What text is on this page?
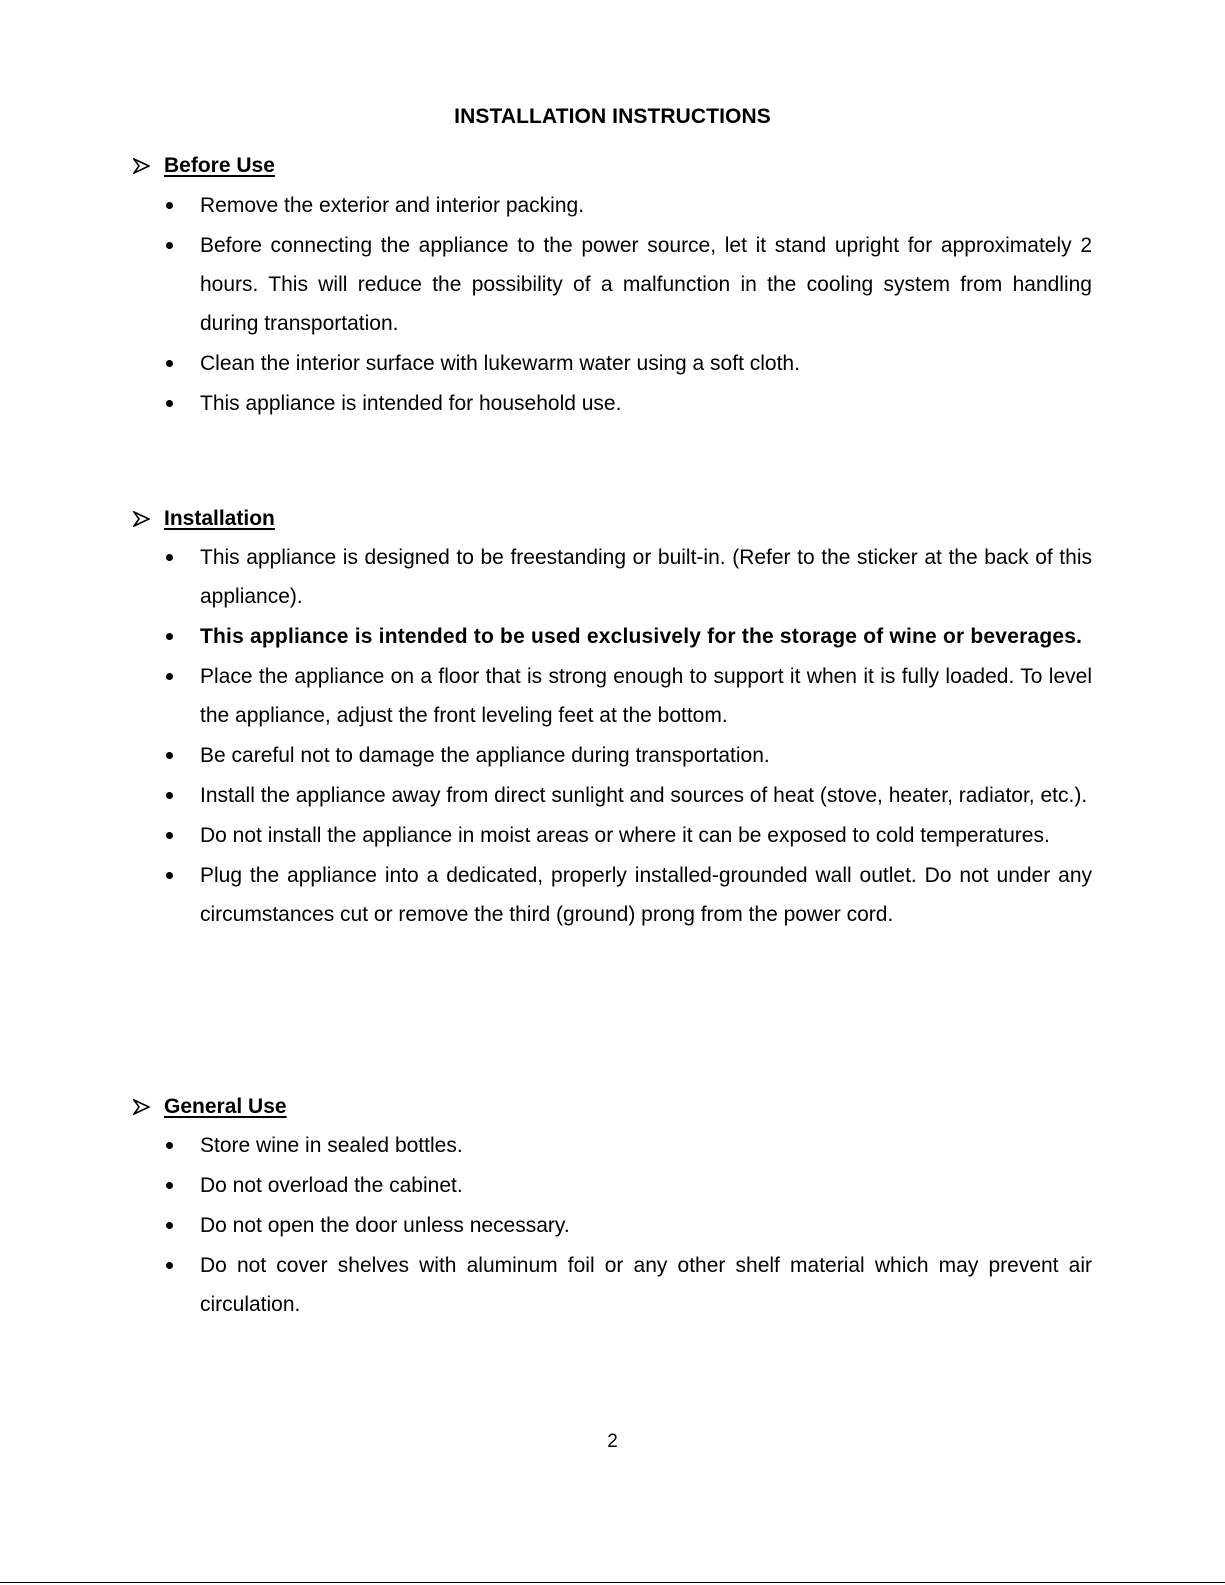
INSTALLATION INSTRUCTIONS
Before Use
Remove the exterior and interior packing.
Before connecting the appliance to the power source, let it stand upright for approximately 2 hours. This will reduce the possibility of a malfunction in the cooling system from handling during transportation.
Clean the interior surface with lukewarm water using a soft cloth.
This appliance is intended for household use.
Installation
This appliance is designed to be freestanding or built-in. (Refer to the sticker at the back of this appliance).
This appliance is intended to be used exclusively for the storage of wine or beverages.
Place the appliance on a floor that is strong enough to support it when it is fully loaded. To level the appliance, adjust the front leveling feet at the bottom.
Be careful not to damage the appliance during transportation.
Install the appliance away from direct sunlight and sources of heat (stove, heater, radiator, etc.).
Do not install the appliance in moist areas or where it can be exposed to cold temperatures.
Plug the appliance into a dedicated, properly installed-grounded wall outlet. Do not under any circumstances cut or remove the third (ground) prong from the power cord.
General Use
Store wine in sealed bottles.
Do not overload the cabinet.
Do not open the door unless necessary.
Do not cover shelves with aluminum foil or any other shelf material which may prevent air circulation.
2
